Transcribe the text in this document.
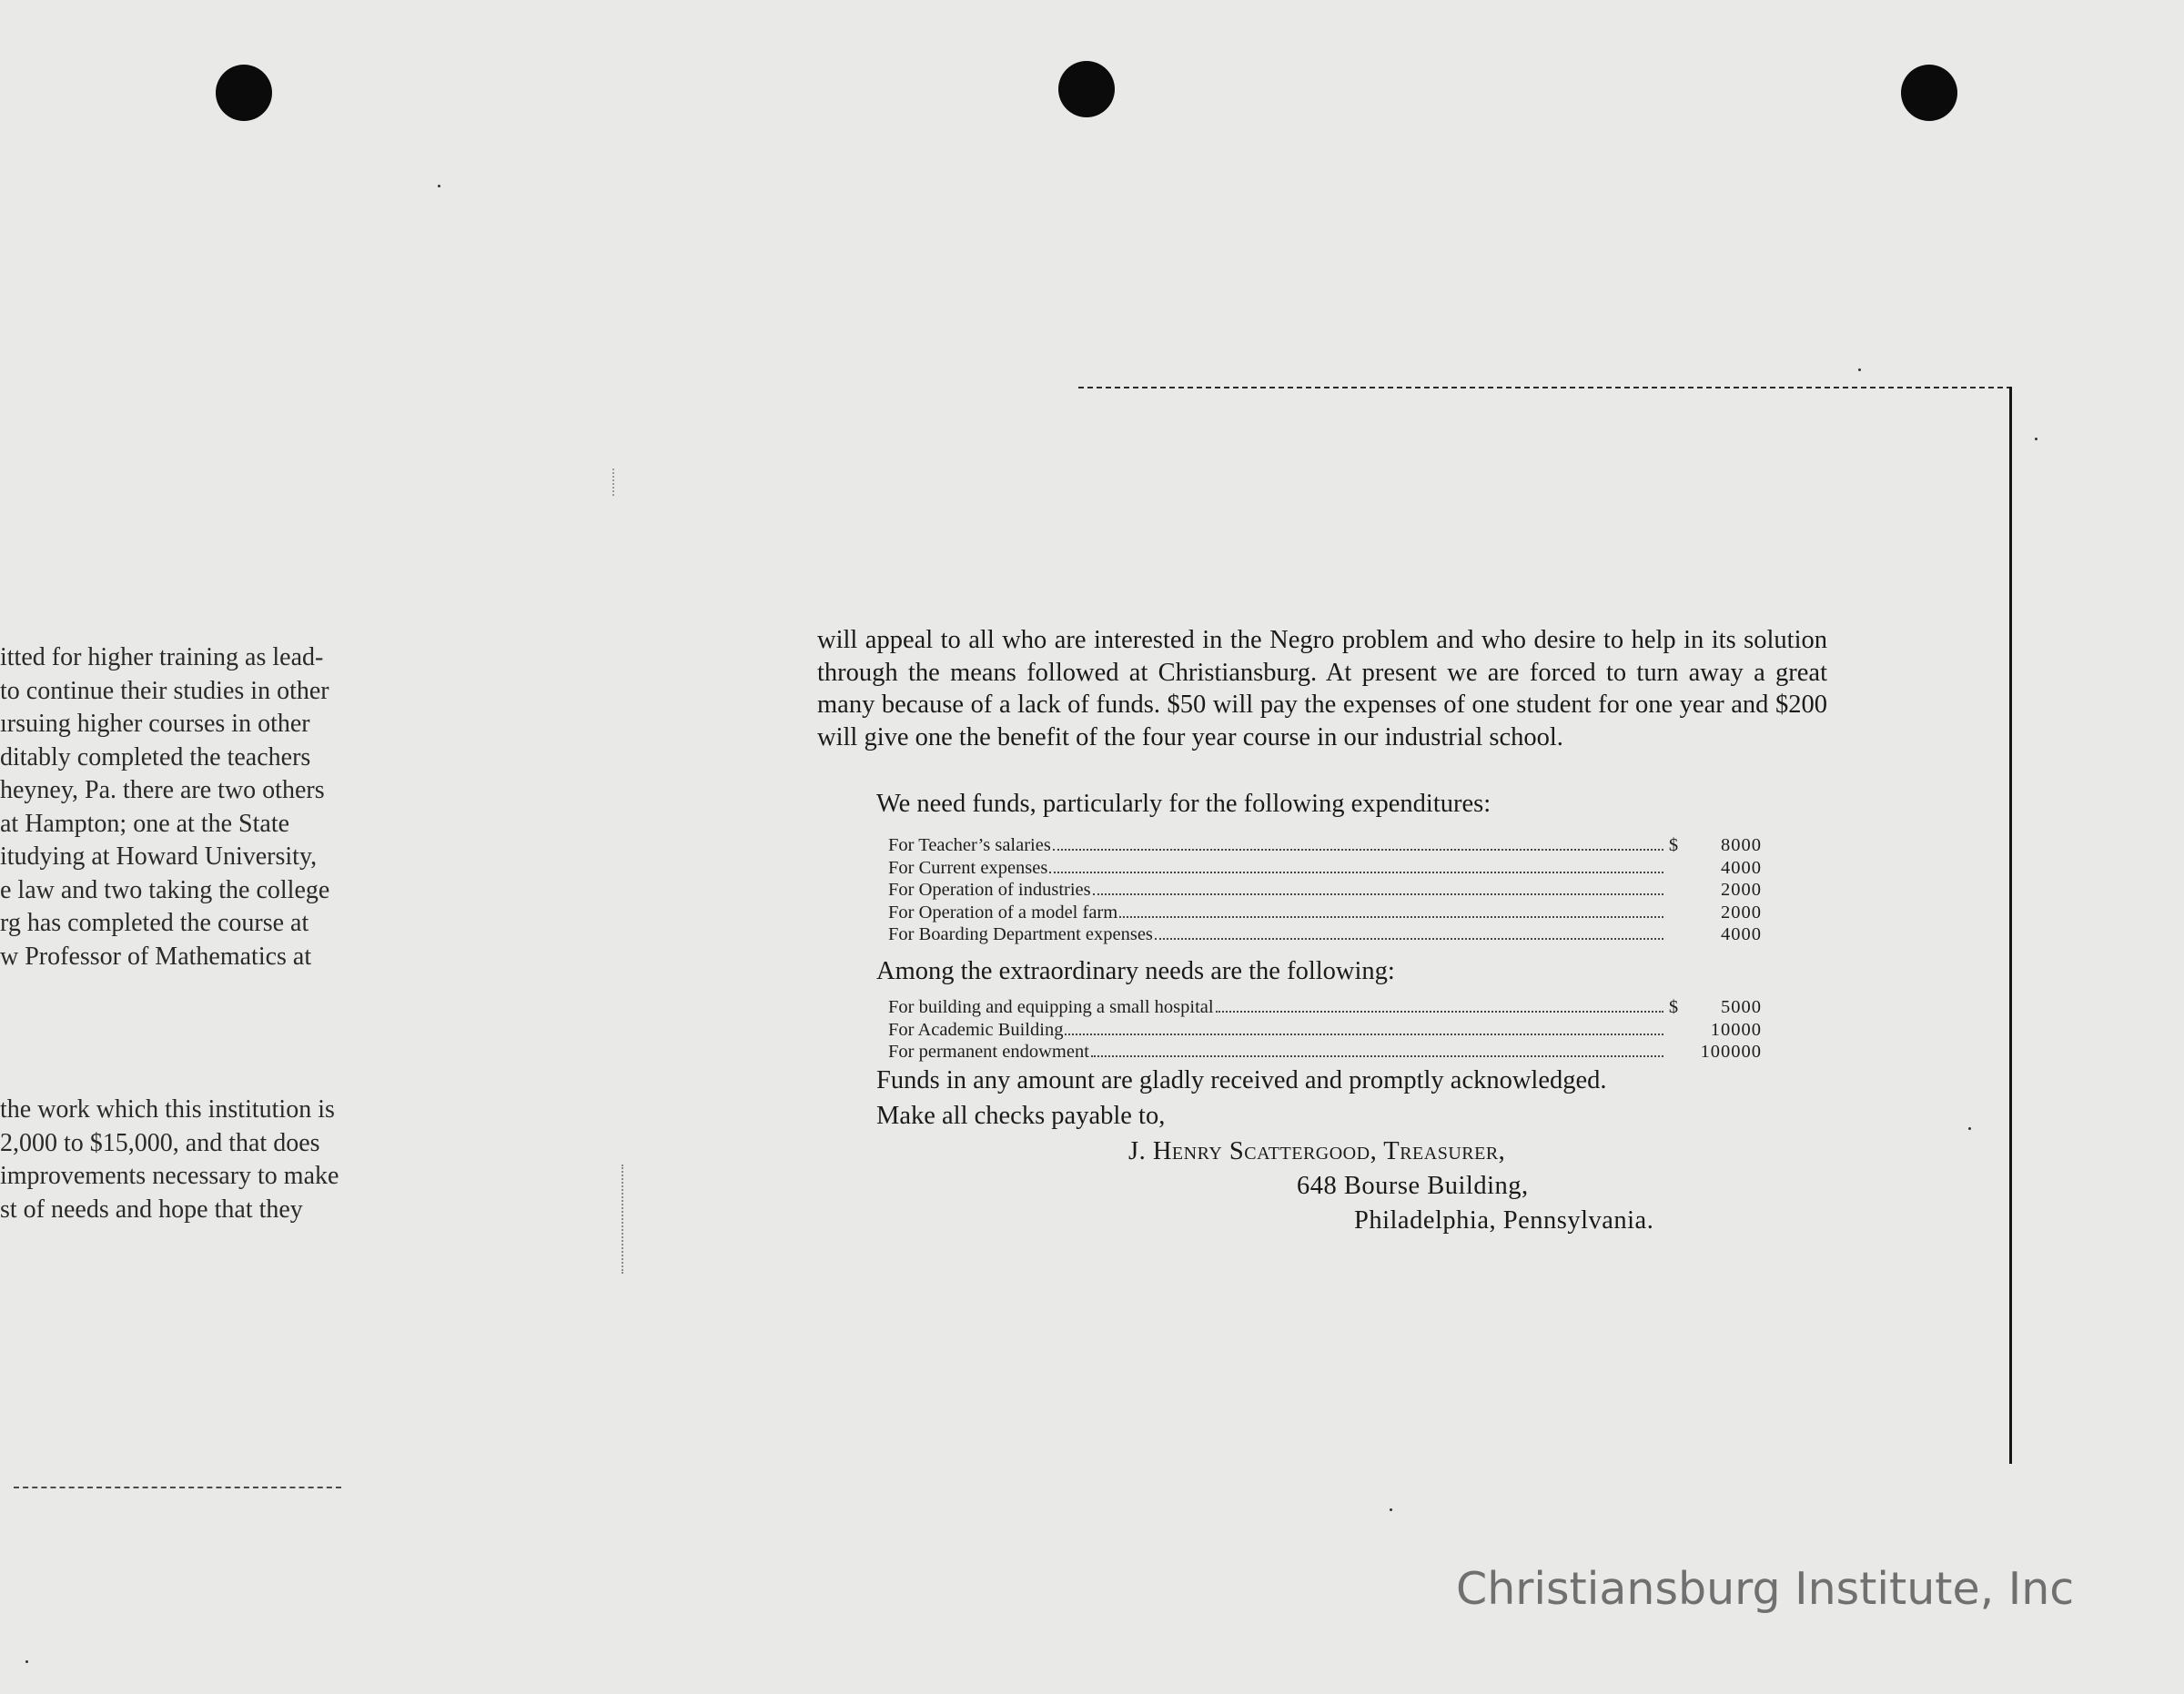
itted for higher training as lead-
to continue their studies in other
ırsuing higher courses in other
ditably completed the teachers
heyney, Pa. there are two others
at Hampton; one at the State
itudying at Howard University,
e law and two taking the college
rg has completed the course at
w Professor of Mathematics at
the work which this institution is
2,000 to $15,000, and that does
improvements necessary to make
st of needs and hope that they

will appeal to all who are interested in the Negro problem and who desire to help in its solution through the means followed at Christiansburg. At present we are forced to turn away a great many because of a lack of funds. $50 will pay the expenses of one student for one year and $200 will give one the benefit of the four year course in our industrial school.

We need funds, particularly for the following expenditures:
For Teacher’s salaries	$	8000
For Current expenses	4000
For Operation of industries	2000
For Operation of a model farm	2000
For Boarding Department expenses	4000
Among the extraordinary needs are the following:
For building and equipping a small hospital	$	5000
For Academic Building	10000
For permanent endowment	100000
Funds in any amount are gladly received and promptly acknowledged.
Make all checks payable to,
J. Henry Scattergood, Treasurer,
648 Bourse Building,
Philadelphia, Pennsylvania.
Christiansburg Institute, Inc
